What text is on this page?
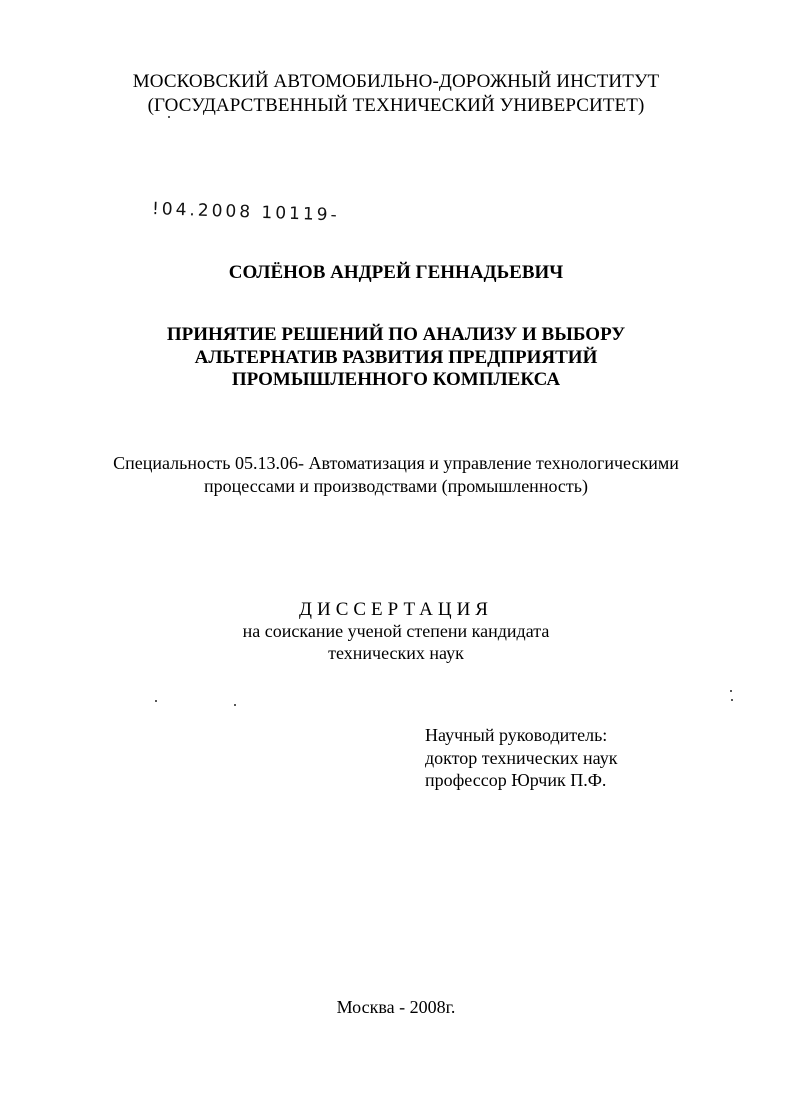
МОСКОВСКИЙ АВТОМОБИЛЬНО-ДОРОЖНЫЙ ИНСТИТУТ
(ГОСУДАРСТВЕННЫЙ ТЕХНИЧЕСКИЙ УНИВЕРСИТЕТ)
!04.2008 10119-
СОЛЁНОВ АНДРЕЙ ГЕННАДЬЕВИЧ
ПРИНЯТИЕ РЕШЕНИЙ ПО АНАЛИЗУ И ВЫБОРУ
АЛЬТЕРНАТИВ РАЗВИТИЯ ПРЕДПРИЯТИЙ
ПРОМЫШЛЕННОГО КОМПЛЕКСА
Специальность 05.13.06- Автоматизация и управление технологическими
процессами и производствами (промышленность)
ДИССЕРТАЦИЯ
на соискание ученой степени кандидата
технических наук
Научный руководитель:
доктор технических наук
профессор Юрчик П.Ф.
Москва - 2008г.
